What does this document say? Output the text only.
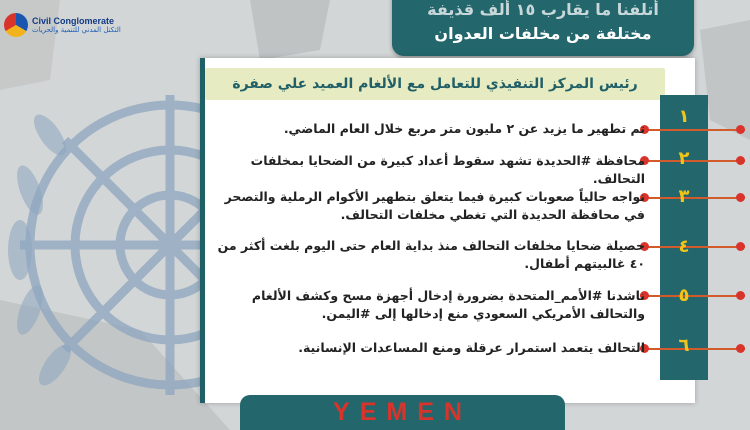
Civil Conglomerate
التكتل المدني للتنمية والحريات
أتلفنا ما يقارب ١٥ ألف قذيفة
مختلفة من مخلفات العدوان
رئيس المركز التنفيذي للتعامل مع الألغام العميد علي صفرة
١
تم تطهير ما يزيد عن ٢ مليون متر مربع خلال العام الماضي.
٢
محافظة #الحديدة تشهد سقوط أعداد كبيرة من الضحايا بمخلفات التحالف.
٣
نواجه حالياً صعوبات كبيرة فيما يتعلق بتطهير الأكوام الرملية والتصحر في محافظة الحديدة التي تغطي مخلفات التحالف.
٤
حصيلة ضحايا مخلفات التحالف منذ بداية العام حتى اليوم بلغت أكثر من ٤٠ غالبيتهم أطفال.
٥
ناشدنا #الأمم_المتحدة بضرورة إدخال أجهزة مسح وكشف الألغام والتحالف الأمريكي السعودي منع إدخالها إلى #اليمن.
٦
التحالف يتعمد استمرار عرقلة ومنع المساعدات الإنسانية.
YEMEN
